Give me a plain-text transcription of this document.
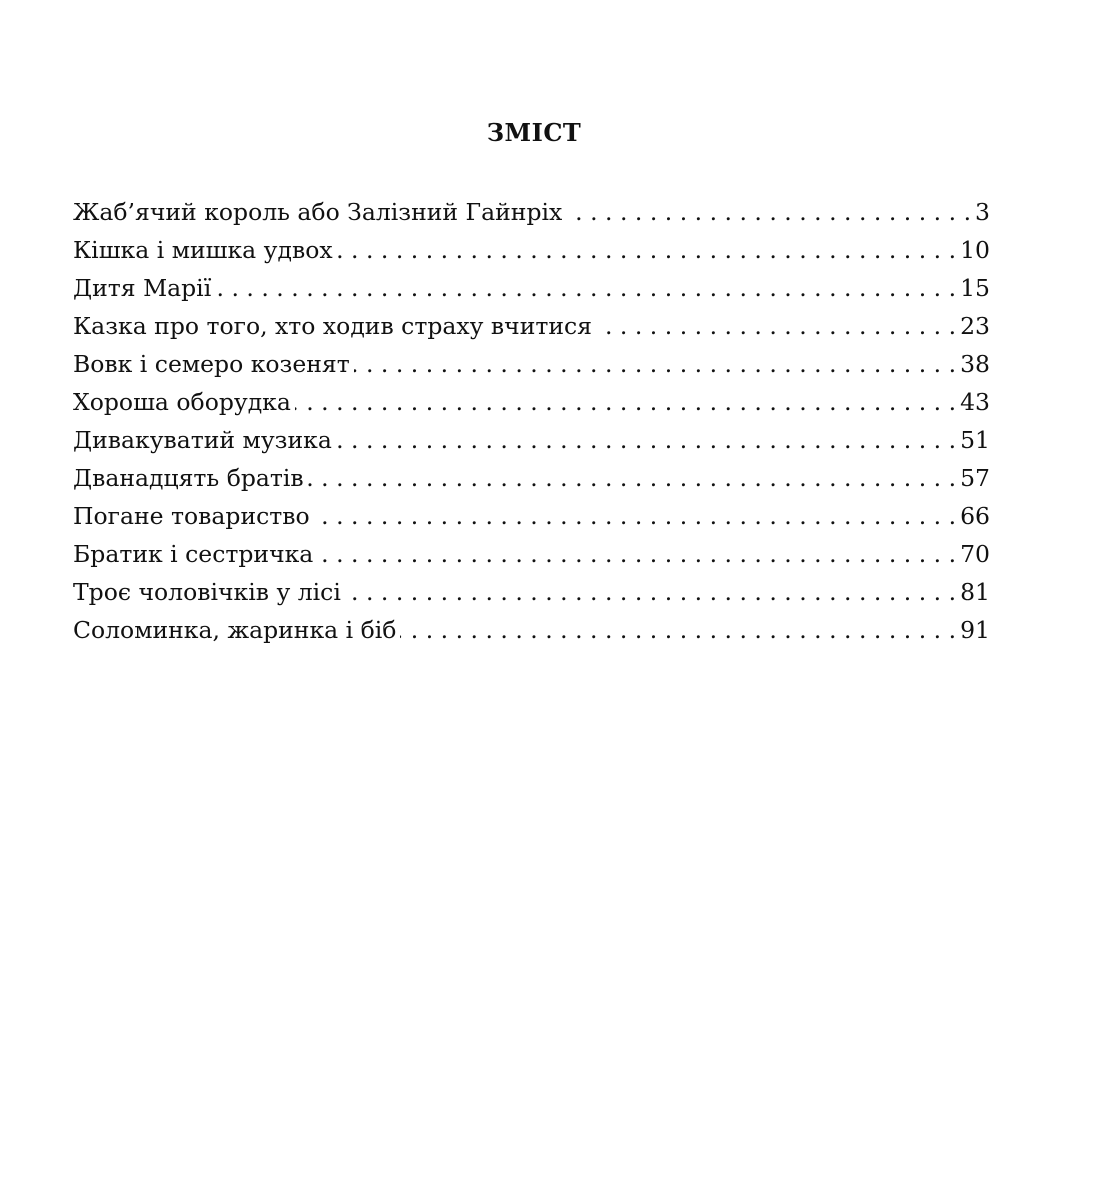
ЗМІСТ
Жаб’ячий король або Залізний Гайнріх . . .	3
Кішка і мишка удвох . . .	10
Дитя Марії . . .	15
Казка про того, хто ходив страху вчитися . . .	23
Вовк і семеро козенят . . .	38
Хороша оборудка . . .	43
Дивакуватий музика . . .	51
Дванадцять братів . . .	57
Погане товариство . . .	66
Братик і сестричка . . .	70
Троє чоловічків у лісі . . .	81
Соломинка, жаринка і біб . . .	91
